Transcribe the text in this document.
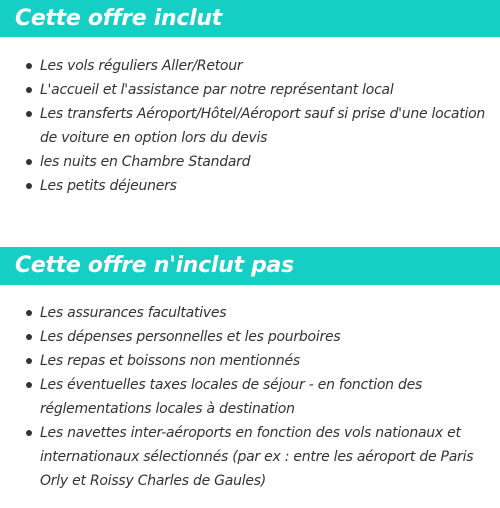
Cette offre inclut
Les vols réguliers Aller/Retour
L'accueil et l'assistance par notre représentant local
Les transferts Aéroport/Hôtel/Aéroport sauf si prise d'une location de voiture en option lors du devis
les nuits en Chambre Standard
Les petits déjeuners
Cette offre n'inclut pas
Les assurances facultatives
Les dépenses personnelles et les pourboires
Les repas et boissons non mentionnés
Les éventuelles taxes locales de séjour - en fonction des réglementations locales à destination
Les navettes inter-aéroports en fonction des vols nationaux et internationaux sélectionnés (par ex : entre les aéroport de Paris Orly et Roissy Charles de Gaules)
